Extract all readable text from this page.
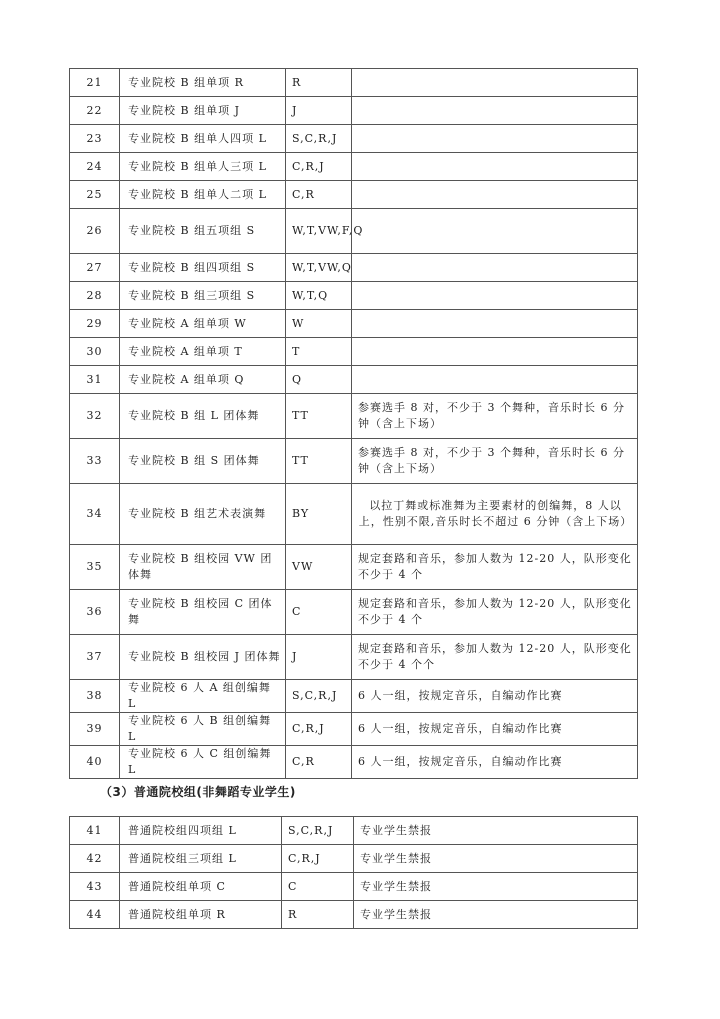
21	专业院校 B 组单项 R	R	
22	专业院校 B 组单项 J	J	
23	专业院校 B 组单人四项 L	S,C,R,J	
24	专业院校 B 组单人三项 L	C,R,J	
25	专业院校 B 组单人二项 L	C,R	
26	专业院校 B 组五项组 S	W,T,VW,F,Q	
27	专业院校 B 组四项组 S	W,T,VW,Q	
28	专业院校 B 组三项组 S	W,T,Q	
29	专业院校 A 组单项 W	W	
30	专业院校 A 组单项 T	T	
31	专业院校 A 组单项 Q	Q	
32	专业院校 B 组 L 团体舞	TT	参赛选手 8 对，不少于 3 个舞种，音乐时长 6 分钟（含上下场）
33	专业院校 B 组 S 团体舞	TT	参赛选手 8 对，不少于 3 个舞种，音乐时长 6 分钟（含上下场）
34	专业院校 B 组艺术表演舞	BY	以拉丁舞或标准舞为主要素材的创编舞，8 人以上，性别不限,音乐时长不超过 6 分钟（含上下场）
35	专业院校 B 组校园 VW 团体舞	VW	规定套路和音乐，参加人数为 12-20 人，队形变化不少于 4 个
36	专业院校 B 组校园 C 团体舞	C	规定套路和音乐，参加人数为 12-20 人，队形变化不少于 4 个
37	专业院校 B 组校园 J 团体舞	J	规定套路和音乐，参加人数为 12-20 人，队形变化不少于 4 个个
38	专业院校 6 人 A 组创编舞 L	S,C,R,J	6 人一组，按规定音乐，自编动作比赛
39	专业院校 6 人 B 组创编舞 L	C,R,J	6 人一组，按规定音乐，自编动作比赛
40	专业院校 6 人 C 组创编舞 L	C,R	6 人一组，按规定音乐，自编动作比赛
（3）普通院校组(非舞蹈专业学生)
41	普通院校组四项组 L	S,C,R,J	专业学生禁报
42	普通院校组三项组 L	C,R,J	专业学生禁报
43	普通院校组单项 C	C	专业学生禁报
44	普通院校组单项 R	R	专业学生禁报
